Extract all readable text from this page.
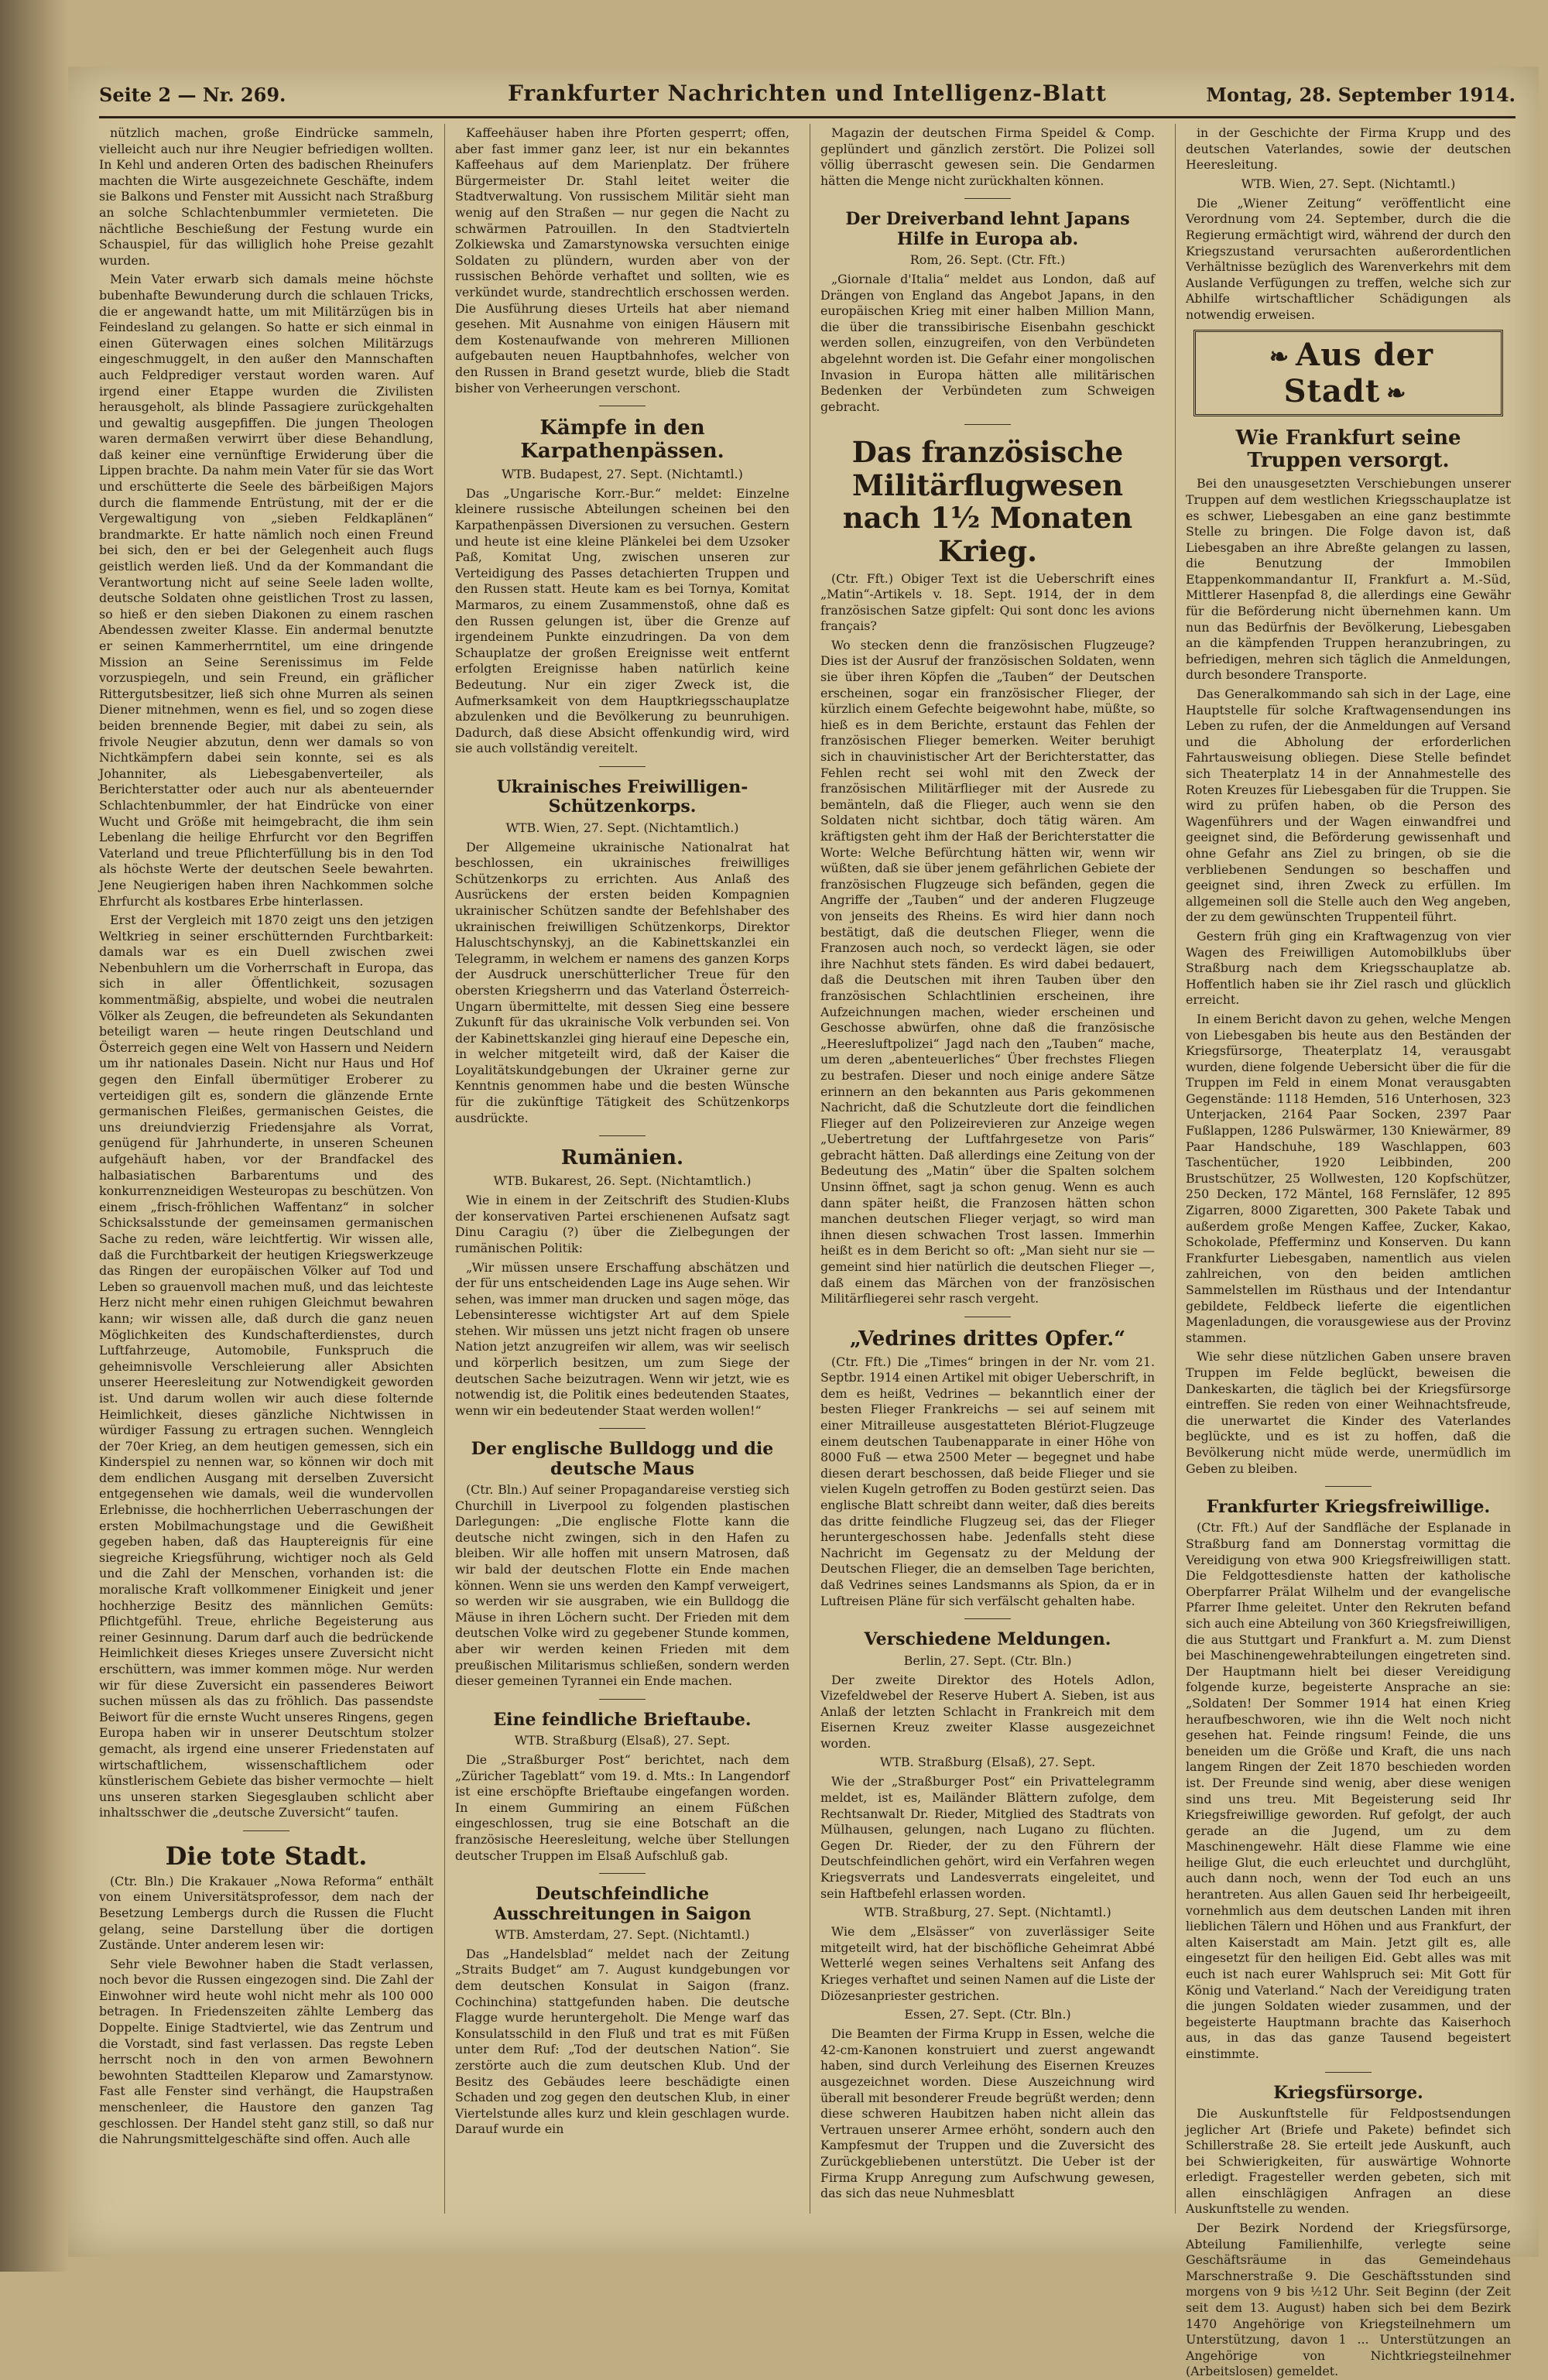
Seite 2 — Nr. 269.	Frankfurter Nachrichten und Intelligenz-Blatt	Montag, 28. September 1914.

nützlich machen, große Eindrücke sammeln, vielleicht auch nur ihre Neugier befriedigen wollten. In Kehl und anderen Orten des badischen Rheinufers machten die Wirte ausgezeichnete Geschäfte, indem sie Balkons und Fenster mit Aussicht nach Straßburg an solche Schlachtenbummler vermieteten. Die nächtliche Beschießung der Festung wurde ein Schauspiel, für das williglich hohe Preise gezahlt wurden.

Mein Vater erwarb sich damals meine höchste bubenhafte Bewunderung durch die schlauen Tricks, die er angewandt hatte, um mit Militärzügen bis in Feindesland zu gelangen. So hatte er sich einmal in einen Güterwagen eines solchen Militärzugs eingeschmuggelt, in den außer den Mannschaften auch Feldprediger verstaut worden waren. Auf irgend einer Etappe wurden die Zivilisten herausgeholt, als blinde Passagiere zurückgehalten und gewaltig ausgepfiffen. Die jungen Theologen waren dermaßen verwirrt über diese Behandlung, daß keiner eine vernünftige Erwiderung über die Lippen brachte. Da nahm mein Vater für sie das Wort und erschütterte die Seele des bärbeißigen Majors durch die flammende Entrüstung, mit der er die Vergewaltigung von „sieben Feldkaplänen“ brandmarkte. Er hatte nämlich noch einen Freund bei sich, den er bei der Gelegenheit auch flugs geistlich werden ließ. Und da der Kommandant die Verantwortung nicht auf seine Seele laden wollte, deutsche Soldaten ohne geistlichen Trost zu lassen, so hieß er den sieben Diakonen zu einem raschen Abendessen zweiter Klasse. Ein andermal benutzte er seinen Kammerherrntitel, um eine dringende Mission an Seine Serenissimus im Felde vorzuspiegeln, und sein Freund, ein gräflicher Rittergutsbesitzer, ließ sich ohne Murren als seinen Diener mitnehmen, wenn es fiel, und so zogen diese beiden brennende Begier, mit dabei zu sein, als frivole Neugier abzutun, denn wer damals so von Nichtkämpfern dabei sein konnte, sei es als Johanniter, als Liebesgabenverteiler, als Berichterstatter oder auch nur als abenteuernder Schlachtenbummler, der hat Eindrücke von einer Wucht und Größe mit heimgebracht, die ihm sein Lebenlang die heilige Ehrfurcht vor den Begriffen Vaterland und treue Pflichterfüllung bis in den Tod als höchste Werte der deutschen Seele bewahrten. Jene Neugierigen haben ihren Nachkommen solche Ehrfurcht als kostbares Erbe hinterlassen.

Erst der Vergleich mit 1870 zeigt uns den jetzigen Weltkrieg in seiner erschütternden Furchtbarkeit: damals war es ein Duell zwischen zwei Nebenbuhlern um die Vorherrschaft in Europa, das sich in aller Öffentlichkeit, sozusagen kommentmäßig, abspielte, und wobei die neutralen Völker als Zeugen, die befreundeten als Sekundanten beteiligt waren — heute ringen Deutschland und Österreich gegen eine Welt von Hassern und Neidern um ihr nationales Dasein. Nicht nur Haus und Hof gegen den Einfall übermütiger Eroberer zu verteidigen gilt es, sondern die glänzende Ernte germanischen Fleißes, germanischen Geistes, die uns dreiundvierzig Friedensjahre als Vorrat, genügend für Jahrhunderte, in unseren Scheunen aufgehäuft haben, vor der Brandfackel des halbasiatischen Barbarentums und des konkurrenzneidigen Westeuropas zu beschützen. Von einem „frisch-fröhlichen Waffentanz“ in solcher Schicksalsstunde der gemeinsamen germanischen Sache zu reden, wäre leichtfertig. Wir wissen alle, daß die Furchtbarkeit der heutigen Kriegswerkzeuge das Ringen der europäischen Völker auf Tod und Leben so grauenvoll machen muß, und das leichteste Herz nicht mehr einen ruhigen Gleichmut bewahren kann; wir wissen alle, daß durch die ganz neuen Möglichkeiten des Kundschafterdienstes, durch Luftfahrzeuge, Automobile, Funkspruch die geheimnisvolle Verschleierung aller Absichten unserer Heeresleitung zur Notwendigkeit geworden ist. Und darum wollen wir auch diese folternde Heimlichkeit, dieses gänzliche Nichtwissen in würdiger Fassung zu ertragen suchen. Wenngleich der 70er Krieg, an dem heutigen gemessen, sich ein Kinderspiel zu nennen war, so können wir doch mit dem endlichen Ausgang mit derselben Zuversicht entgegensehen wie damals, weil die wundervollen Erlebnisse, die hochherrlichen Ueberraschungen der ersten Mobilmachungstage und die Gewißheit gegeben haben, daß das Hauptereignis für eine siegreiche Kriegsführung, wichtiger noch als Geld und die Zahl der Menschen, vorhanden ist: die moralische Kraft vollkommener Einigkeit und jener hochherzige Besitz des männlichen Gemüts: Pflichtgefühl. Treue, ehrliche Begeisterung aus reiner Gesinnung. Darum darf auch die bedrückende Heimlichkeit dieses Krieges unsere Zuversicht nicht erschüttern, was immer kommen möge. Nur werden wir für diese Zuversicht ein passenderes Beiwort suchen müssen als das zu fröhlich. Das passendste Beiwort für die ernste Wucht unseres Ringens, gegen Europa haben wir in unserer Deutschtum stolzer gemacht, als irgend eine unserer Friedenstaten auf wirtschaftlichem, wissenschaftlichem oder künstlerischem Gebiete das bisher vermochte — hielt uns unseren starken Siegesglauben schlicht aber inhaltsschwer die „deutsche Zuversicht“ taufen.

Die tote Stadt.

(Ctr. Bln.) Die Krakauer „Nowa Reforma“ enthält von einem Universitätsprofessor, dem nach der Besetzung Lembergs durch die Russen die Flucht gelang, seine Darstellung über die dortigen Zustände. Unter anderem lesen wir:

Sehr viele Bewohner haben die Stadt verlassen, noch bevor die Russen eingezogen sind. Die Zahl der Einwohner wird heute wohl nicht mehr als 100 000 betragen. In Friedenszeiten zählte Lemberg das Doppelte. Einige Stadtviertel, wie das Zentrum und die Vorstadt, sind fast verlassen. Das regste Leben herrscht noch in den von armen Bewohnern bewohnten Stadtteilen Kleparow und Zamarstynow. Fast alle Fenster sind verhängt, die Haupstraßen menschenleer, die Haustore den ganzen Tag geschlossen. Der Handel steht ganz still, so daß nur die Nahrungsmittelgeschäfte sind offen. Auch alle

Kaffeehäuser haben ihre Pforten gesperrt; offen, aber fast immer ganz leer, ist nur ein bekanntes Kaffeehaus auf dem Marienplatz. Der frühere Bürgermeister Dr. Stahl leitet weiter die Stadtverwaltung. Von russischem Militär sieht man wenig auf den Straßen — nur gegen die Nacht zu schwärmen Patrouillen. In den Stadtvierteln Zolkiewska und Zamarstynowska versuchten einige Soldaten zu plündern, wurden aber von der russischen Behörde verhaftet und sollten, wie es verkündet wurde, standrechtlich erschossen werden. Die Ausführung dieses Urteils hat aber niemand gesehen. Mit Ausnahme von einigen Häusern mit dem Kostenaufwande von mehreren Millionen aufgebauten neuen Hauptbahnhofes, welcher von den Russen in Brand gesetzt wurde, blieb die Stadt bisher von Verheerungen verschont.

Kämpfe in den Karpathenpässen.
WTB. Budapest, 27. Sept. (Nichtamtl.)

Das „Ungarische Korr.-Bur.“ meldet: Einzelne kleinere russische Abteilungen scheinen bei den Karpathenpässen Diversionen zu versuchen. Gestern und heute ist eine kleine Plänkelei bei dem Uzsoker Paß, Komitat Ung, zwischen unseren zur Verteidigung des Passes detachierten Truppen und den Russen statt. Heute kam es bei Tornya, Komitat Marmaros, zu einem Zusammenstoß, ohne daß es den Russen gelungen ist, über die Grenze auf irgendeinem Punkte einzudringen. Da von dem Schauplatze der großen Ereignisse weit entfernt erfolgten Ereignisse haben natürlich keine Bedeutung. Nur ein ziger Zweck ist, die Aufmerksamkeit von dem Hauptkriegsschauplatze abzulenken und die Bevölkerung zu beunruhigen. Dadurch, daß diese Absicht offenkundig wird, wird sie auch vollständig vereitelt.

Ukrainisches Freiwilligen-Schützenkorps.
WTB. Wien, 27. Sept. (Nichtamtlich.)

Der Allgemeine ukrainische Nationalrat hat beschlossen, ein ukrainisches freiwilliges Schützenkorps zu errichten. Aus Anlaß des Ausrückens der ersten beiden Kompagnien ukrainischer Schützen sandte der Befehlshaber des ukrainischen freiwilligen Schützenkorps, Direktor Haluschtschynskyj, an die Kabinettskanzlei ein Telegramm, in welchem er namens des ganzen Korps der Ausdruck unerschütterlicher Treue für den obersten Kriegsherrn und das Vaterland Österreich-Ungarn übermittelte, mit dessen Sieg eine bessere Zukunft für das ukrainische Volk verbunden sei. Von der Kabinettskanzlei ging hierauf eine Depesche ein, in welcher mitgeteilt wird, daß der Kaiser die Loyalitätskundgebungen der Ukrainer gerne zur Kenntnis genommen habe und die besten Wünsche für die zukünftige Tätigkeit des Schützenkorps ausdrückte.

Rumänien.
WTB. Bukarest, 26. Sept. (Nichtamtlich.)

Wie in einem in der Zeitschrift des Studien-Klubs der konservativen Partei erschienenen Aufsatz sagt Dinu Caragiu (?) über die Zielbegungen der rumänischen Politik:

„Wir müssen unsere Erschaffung abschätzen und der für uns entscheidenden Lage ins Auge sehen. Wir sehen, was immer man drucken und sagen möge, das Lebensinteresse wichtigster Art auf dem Spiele stehen. Wir müssen uns jetzt nicht fragen ob unsere Nation jetzt anzugreifen wir allem, was wir seelisch und körperlich besitzen, um zum Siege der deutschen Sache beizutragen. Wenn wir jetzt, wie es notwendig ist, die Politik eines bedeutenden Staates, wenn wir ein bedeutender Staat werden wollen!“

Der englische Bulldogg und die deutsche Maus

(Ctr. Bln.) Auf seiner Propagandareise verstieg sich Churchill in Liverpool zu folgenden plastischen Darlegungen: „Die englische Flotte kann die deutsche nicht zwingen, sich in den Hafen zu bleiben. Wir alle hoffen mit unsern Matrosen, daß wir bald der deutschen Flotte ein Ende machen können. Wenn sie uns werden den Kampf verweigert, so werden wir sie ausgraben, wie ein Bulldogg die Mäuse in ihren Löchern sucht. Der Frieden mit dem deutschen Volke wird zu gegebener Stunde kommen, aber wir werden keinen Frieden mit dem preußischen Militarismus schließen, sondern werden dieser gemeinen Tyrannei ein Ende machen.

Eine feindliche Brieftaube.
WTB. Straßburg (Elsaß), 27. Sept.

Die „Straßburger Post“ berichtet, nach dem „Züricher Tageblatt“ vom 19. d. Mts.: In Langendorf ist eine erschöpfte Brieftaube eingefangen worden. In einem Gummiring an einem Füßchen eingeschlossen, trug sie eine Botschaft an die französische Heeresleitung, welche über Stellungen deutscher Truppen im Elsaß Aufschluß gab.

Deutschfeindliche Ausschreitungen in Saigon
WTB. Amsterdam, 27. Sept. (Nichtamtl.)

Das „Handelsblad“ meldet nach der Zeitung „Straits Budget“ am 7. August kundgebungen vor dem deutschen Konsulat in Saigon (franz. Cochinchina) stattgefunden haben. Die deutsche Flagge wurde heruntergeholt. Die Menge warf das Konsulatsschild in den Fluß und trat es mit Füßen unter dem Ruf: „Tod der deutschen Nation“. Sie zerstörte auch die zum deutschen Klub. Und der Besitz des Gebäudes leere beschädigte einen Schaden und zog gegen den deutschen Klub, in einer Viertelstunde alles kurz und klein geschlagen wurde. Darauf wurde ein

Magazin der deutschen Firma Speidel & Comp. geplündert und gänzlich zerstört. Die Polizei soll völlig überrascht gewesen sein. Die Gendarmen hätten die Menge nicht zurückhalten können.

Der Dreiverband lehnt Japans Hilfe in Europa ab.
Rom, 26. Sept. (Ctr. Fft.)

„Giornale d'Italia“ meldet aus London, daß auf Drängen von England das Angebot Japans, in den europäischen Krieg mit einer halben Million Mann, die über die transsibirische Eisenbahn geschickt werden sollen, einzugreifen, von den Verbündeten abgelehnt worden ist. Die Gefahr einer mongolischen Invasion in Europa hätten alle militärischen Bedenken der Verbündeten zum Schweigen gebracht.

Das französische Militärflugwesen nach 1½ Monaten Krieg.

(Ctr. Fft.) Obiger Text ist die Ueberschrift eines „Matin“-Artikels v. 18. Sept. 1914, der in dem französischen Satze gipfelt: Qui sont donc les avions français?

Wo stecken denn die französischen Flugzeuge? Dies ist der Ausruf der französischen Soldaten, wenn sie über ihren Köpfen die „Tauben“ der Deutschen erscheinen, sogar ein französischer Flieger, der kürzlich einem Gefechte beigewohnt habe, müßte, so hieß es in dem Berichte, erstaunt das Fehlen der französischen Flieger bemerken. Weiter beruhigt sich in chauvinistischer Art der Berichterstatter, das Fehlen recht sei wohl mit den Zweck der französischen Militärflieger mit der Ausrede zu bemänteln, daß die Flieger, auch wenn sie den Soldaten nicht sichtbar, doch tätig wären. Am kräftigsten geht ihm der Haß der Berichterstatter die Worte: Welche Befürchtung hätten wir, wenn wir wüßten, daß sie über jenem gefährlichen Gebiete der französischen Flugzeuge sich befänden, gegen die Angriffe der „Tauben“ und der anderen Flugzeuge von jenseits des Rheins. Es wird hier dann noch bestätigt, daß die deutschen Flieger, wenn die Franzosen auch noch, so verdeckt lägen, sie oder ihre Nachhut stets fänden. Es wird dabei bedauert, daß die Deutschen mit ihren Tauben über den französischen Schlachtlinien erscheinen, ihre Aufzeichnungen machen, wieder erscheinen und Geschosse abwürfen, ohne daß die französische „Heeresluftpolizei“ Jagd nach den „Tauben“ mache, um deren „abenteuerliches“ Über frechstes Fliegen zu bestrafen. Dieser und noch einige andere Sätze erinnern an den bekannten aus Paris gekommenen Nachricht, daß die Schutzleute dort die feindlichen Flieger auf den Polizeirevieren zur Anzeige wegen „Uebertretung der Luftfahrgesetze von Paris“ gebracht hätten. Daß allerdings eine Zeitung von der Bedeutung des „Matin“ über die Spalten solchem Unsinn öffnet, sagt ja schon genug. Wenn es auch dann später heißt, die Franzosen hätten schon manchen deutschen Flieger verjagt, so wird man ihnen diesen schwachen Trost lassen. Immerhin heißt es in dem Bericht so oft: „Man sieht nur sie — gemeint sind hier natürlich die deutschen Flieger —, daß einem das Märchen von der französischen Militärfliegerei sehr rasch vergeht.

„Vedrines drittes Opfer.“

(Ctr. Fft.) Die „Times“ bringen in der Nr. vom 21. Septbr. 1914 einen Artikel mit obiger Ueberschrift, in dem es heißt, Vedrines — bekanntlich einer der besten Flieger Frankreichs — sei auf seinem mit einer Mitrailleuse ausgestatteten Blériot-Flugzeuge einem deutschen Taubenapparate in einer Höhe von 8000 Fuß — etwa 2500 Meter — begegnet und habe diesen derart beschossen, daß beide Flieger und sie vielen Kugeln getroffen zu Boden gestürzt seien. Das englische Blatt schreibt dann weiter, daß dies bereits das dritte feindliche Flugzeug sei, das der Flieger heruntergeschossen habe. Jedenfalls steht diese Nachricht im Gegensatz zu der Meldung der Deutschen Flieger, die an demselben Tage berichten, daß Vedrines seines Landsmanns als Spion, da er in Luftreisen Pläne für sich verfälscht gehalten habe.

Verschiedene Meldungen.
Berlin, 27. Sept. (Ctr. Bln.)

Der zweite Direktor des Hotels Adlon, Vizefeldwebel der Reserve Hubert A. Sieben, ist aus Anlaß der letzten Schlacht in Frankreich mit dem Eisernen Kreuz zweiter Klasse ausgezeichnet worden.

WTB. Straßburg (Elsaß), 27. Sept.

Wie der „Straßburger Post“ ein Privattelegramm meldet, ist es, Mailänder Blättern zufolge, dem Rechtsanwalt Dr. Rieder, Mitglied des Stadtrats von Mülhausen, gelungen, nach Lugano zu flüchten. Gegen Dr. Rieder, der zu den Führern der Deutschfeindlichen gehört, wird ein Verfahren wegen Kriegsverrats und Landesverrats eingeleitet, und sein Haftbefehl erlassen worden.

WTB. Straßburg, 27. Sept. (Nichtamtl.)

Wie dem „Elsässer“ von zuverlässiger Seite mitgeteilt wird, hat der bischöfliche Geheimrat Abbé Wetterlé wegen seines Verhaltens seit Anfang des Krieges verhaftet und seinen Namen auf die Liste der Diözesanpriester gestrichen.

Essen, 27. Sept. (Ctr. Bln.)

Die Beamten der Firma Krupp in Essen, welche die 42-cm-Kanonen konstruiert und zuerst angewandt haben, sind durch Verleihung des Eisernen Kreuzes ausgezeichnet worden. Diese Auszeichnung wird überall mit besonderer Freude begrüßt werden; denn diese schweren Haubitzen haben nicht allein das Vertrauen unserer Armee erhöht, sondern auch den Kampfesmut der Truppen und die Zuversicht des Zurückgebliebenen unterstützt. Die Ueber ist der Firma Krupp Anregung zum Aufschwung gewesen, das sich das neue Nuhmesblatt

in der Geschichte der Firma Krupp und des deutschen Vaterlandes, sowie der deutschen Heeresleitung.

WTB. Wien, 27. Sept. (Nichtamtl.)

Die „Wiener Zeitung“ veröffentlicht eine Verordnung vom 24. September, durch die die Regierung ermächtigt wird, während der durch den Kriegszustand verursachten außerordentlichen Verhältnisse bezüglich des Warenverkehrs mit dem Auslande Verfügungen zu treffen, welche sich zur Abhilfe wirtschaftlicher Schädigungen als notwendig erweisen.

❧ Aus der Stadt ❧
Wie Frankfurt seine Truppen versorgt.

Bei den unausgesetzten Verschiebungen unserer Truppen auf dem westlichen Kriegsschauplatze ist es schwer, Liebesgaben an eine ganz bestimmte Stelle zu bringen. Die Folge davon ist, daß Liebesgaben an ihre Abreßte gelangen zu lassen, die Benutzung der Immobilen Etappenkommandantur II, Frankfurt a. M.-Süd, Mittlerer Hasenpfad 8, die allerdings eine Gewähr für die Beförderung nicht übernehmen kann. Um nun das Bedürfnis der Bevölkerung, Liebesgaben an die kämpfenden Truppen heranzubringen, zu befriedigen, mehren sich täglich die Anmeldungen, durch besondere Transporte.

Das Generalkommando sah sich in der Lage, eine Hauptstelle für solche Kraftwagensendungen ins Leben zu rufen, der die Anmeldungen auf Versand und die Abholung der erforderlichen Fahrtausweisung obliegen. Diese Stelle befindet sich Theaterplatz 14 in der Annahmestelle des Roten Kreuzes für Liebesgaben für die Truppen. Sie wird zu prüfen haben, ob die Person des Wagenführers und der Wagen einwandfrei und geeignet sind, die Beförderung gewissenhaft und ohne Gefahr ans Ziel zu bringen, ob sie die verbliebenen Sendungen so beschaffen und geeignet sind, ihren Zweck zu erfüllen. Im allgemeinen soll die Stelle auch den Weg angeben, der zu dem gewünschten Truppenteil führt.

Gestern früh ging ein Kraftwagenzug von vier Wagen des Freiwilligen Automobilklubs über Straßburg nach dem Kriegsschauplatze ab. Hoffentlich haben sie ihr Ziel rasch und glücklich erreicht.

In einem Bericht davon zu gehen, welche Mengen von Liebesgaben bis heute aus den Beständen der Kriegsfürsorge, Theaterplatz 14, verausgabt wurden, diene folgende Uebersicht über die für die Truppen im Feld in einem Monat verausgabten Gegenstände: 1118 Hemden, 516 Unterhosen, 323 Unterjacken, 2164 Paar Socken, 2397 Paar Fußlappen, 1286 Pulswärmer, 130 Kniewärmer, 89 Paar Handschuhe, 189 Waschlappen, 603 Taschentücher, 1920 Leibbinden, 200 Brustschützer, 25 Wollwesten, 120 Kopfschützer, 250 Decken, 172 Mäntel, 168 Fernsläfer, 12 895 Zigarren, 8000 Zigaretten, 300 Pakete Tabak und außerdem große Mengen Kaffee, Zucker, Kakao, Schokolade, Pfefferminz und Konserven. Du kann Frankfurter Liebesgaben, namentlich aus vielen zahlreichen, von den beiden amtlichen Sammelstellen im Rüsthaus und der Intendantur gebildete, Feldbeck lieferte die eigentlichen Magenladungen, die vorausgewiese aus der Provinz stammen.

Wie sehr diese nützlichen Gaben unsere braven Truppen im Felde beglückt, beweisen die Dankeskarten, die täglich bei der Kriegsfürsorge eintreffen. Sie reden von einer Weihnachtsfreude, die unerwartet die Kinder des Vaterlandes beglückte, und es ist zu hoffen, daß die Bevölkerung nicht müde werde, unermüdlich im Geben zu bleiben.

Frankfurter Kriegsfreiwillige.

(Ctr. Fft.) Auf der Sandfläche der Esplanade in Straßburg fand am Donnerstag vormittag die Vereidigung von etwa 900 Kriegsfreiwilligen statt. Die Feldgottesdienste hatten der katholische Oberpfarrer Prälat Wilhelm und der evangelische Pfarrer Ihme geleitet. Unter den Rekruten befand sich auch eine Abteilung von 360 Kriegsfreiwilligen, die aus Stuttgart und Frankfurt a. M. zum Dienst bei Maschinengewehrabteilungen eingetreten sind. Der Hauptmann hielt bei dieser Vereidigung folgende kurze, begeisterte Ansprache an sie: „Soldaten! Der Sommer 1914 hat einen Krieg heraufbeschworen, wie ihn die Welt noch nicht gesehen hat. Feinde ringsum! Feinde, die uns beneiden um die Größe und Kraft, die uns nach langem Ringen der Zeit 1870 beschieden worden ist. Der Freunde sind wenig, aber diese wenigen sind uns treu. Mit Begeisterung seid Ihr Kriegsfreiwillige geworden. Ruf gefolgt, der auch gerade an die Jugend, um zu dem Maschinengewehr. Hält diese Flamme wie eine heilige Glut, die euch erleuchtet und durchglüht, auch dann noch, wenn der Tod euch an uns herantreten. Aus allen Gauen seid Ihr herbeigeeilt, vornehmlich aus dem deutschen Landen mit ihren lieblichen Tälern und Höhen und aus Frankfurt, der alten Kaiserstadt am Main. Jetzt gilt es, alle eingesetzt für den heiligen Eid. Gebt alles was mit euch ist nach eurer Wahlspruch sei: Mit Gott für König und Vaterland.“ Nach der Vereidigung traten die jungen Soldaten wieder zusammen, und der begeisterte Hauptmann brachte das Kaiserhoch aus, in das das ganze Tausend begeistert einstimmte.

Kriegsfürsorge.

Die Auskunftstelle für Feldpostsendungen jeglicher Art (Briefe und Pakete) befindet sich Schillerstraße 28. Sie erteilt jede Auskunft, auch bei Schwierigkeiten, für auswärtige Wohnorte erledigt. Fragesteller werden gebeten, sich mit allen einschlägigen Anfragen an diese Auskunftstelle zu wenden.

Der Bezirk Nordend der Kriegsfürsorge, Abteilung Familienhilfe, verlegte seine Geschäftsräume in das Gemeindehaus Marschnerstraße 9. Die Geschäftsstunden sind morgens von 9 bis ½12 Uhr. Seit Beginn (der Zeit seit dem 13. August) haben sich bei dem Bezirk 1470 Angehörige von Kriegsteilnehmern um Unterstützung, davon 1 ... Unterstützungen an Angehörige von Nichtkriegsteilnehmer (Arbeitslosen) gemeldet.
